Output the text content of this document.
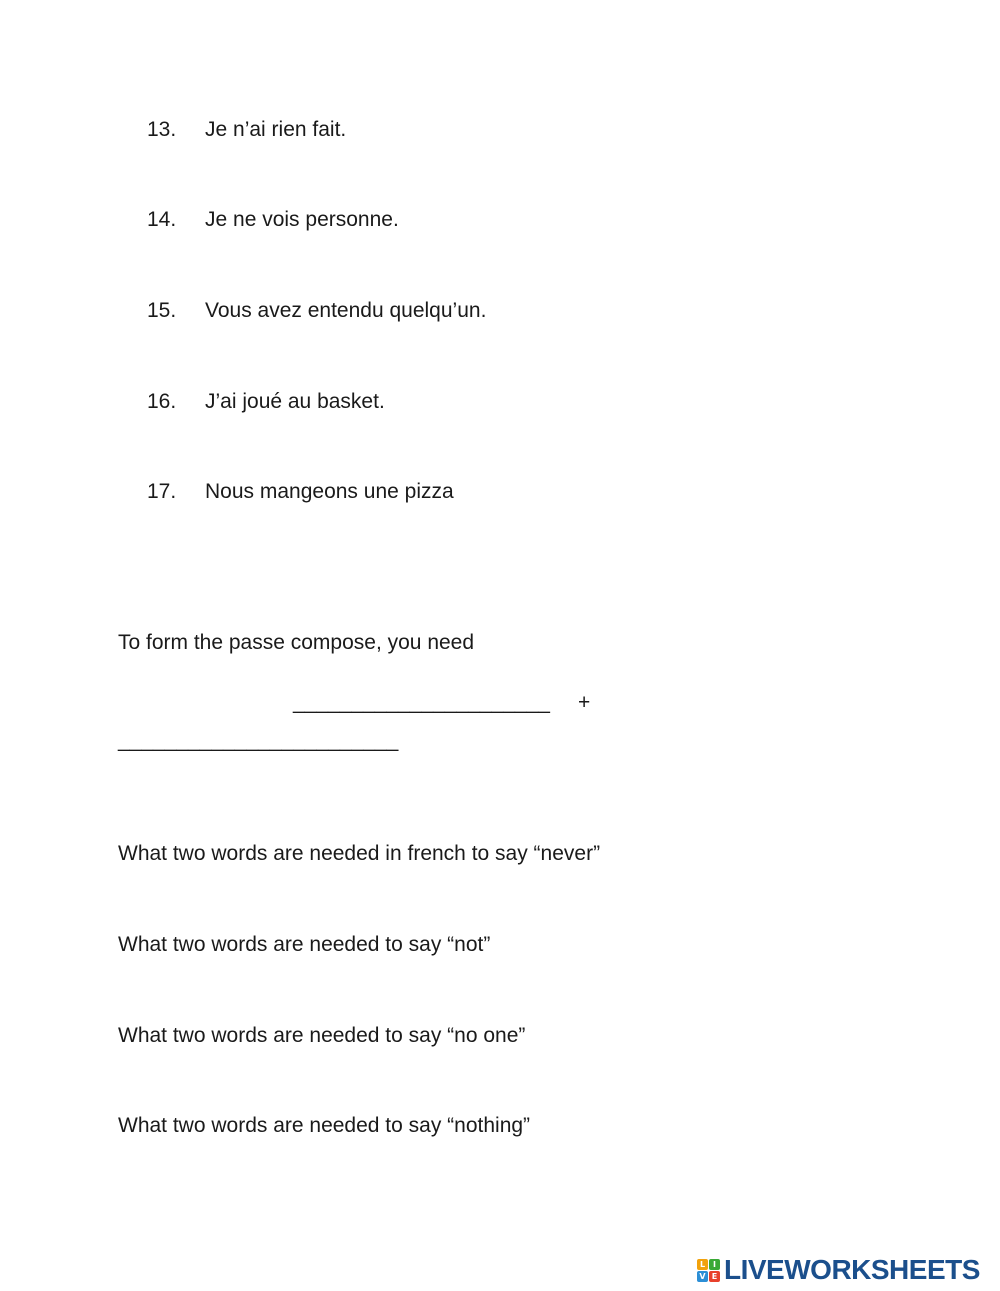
13. Je n’ai rien fait.
14. Je ne vois personne.
15. Vous avez entendu quelqu’un.
16. J’ai joué au basket.
17. Nous mangeons une pizza
To form the passe compose, you need
______________________ +
________________________
What two words are needed in french to say “never”
What two words are needed to say “not”
What two words are needed to say “no one”
What two words are needed to say “nothing”
L I
V E LIVEWORKSHEETS
